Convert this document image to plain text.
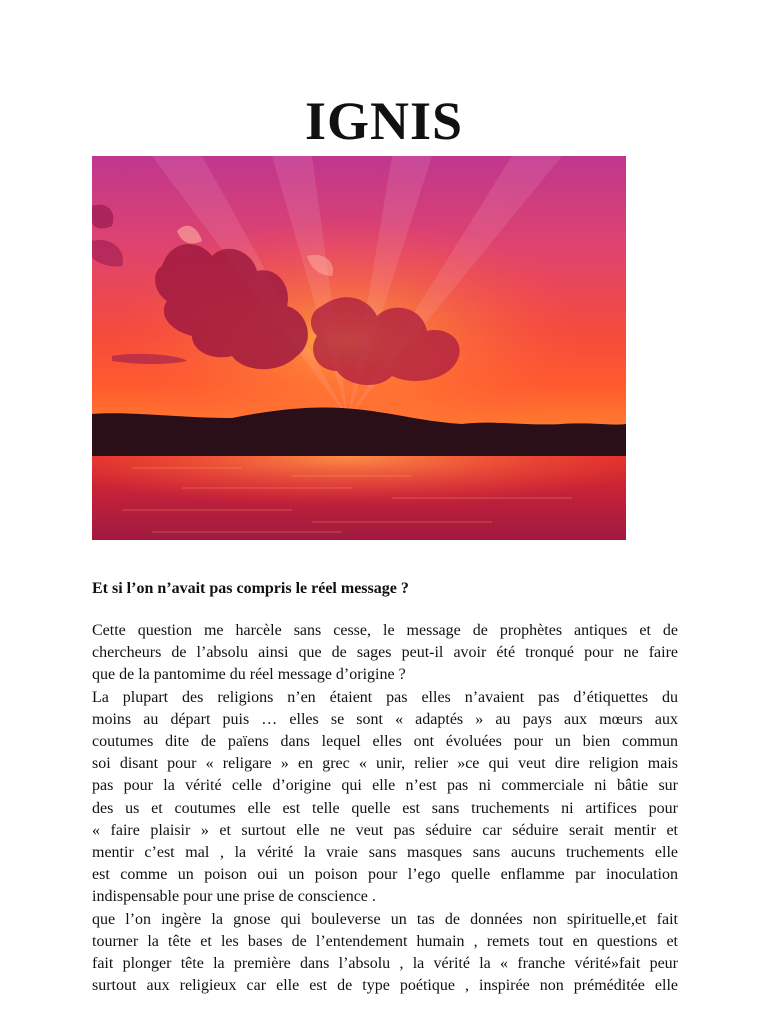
IGNIS

Et si l’on n’avait pas compris le réel message ?

Cette question me harcèle sans cesse, le message de prophètes antiques et de

chercheurs de l’absolu ainsi que de sages peut-il avoir été tronqué pour ne faire

que de la pantomime du réel message d’origine ?

La plupart des religions n’en étaient pas elles n’avaient pas d’étiquettes du

moins au départ puis … elles se sont « adaptés » au pays aux mœurs aux

coutumes dite de païens dans lequel elles ont évoluées pour un bien commun

soi disant pour « religare » en grec « unir, relier »ce qui veut dire religion mais

pas pour la vérité celle d’origine qui elle n’est pas ni commerciale ni bâtie sur

des us et coutumes elle est telle quelle est sans truchements ni artifices pour

« faire plaisir » et surtout elle ne veut pas séduire car séduire serait mentir et

mentir c’est mal , la vérité la vraie sans masques sans aucuns truchements elle

est comme un poison oui un poison pour l’ego quelle enflamme par inoculation

indispensable pour une prise de conscience .

que l’on ingère la gnose qui bouleverse un tas de données non spirituelle,et fait

tourner la tête et les bases de l’entendement humain , remets tout en questions et

fait plonger tête la première dans l’absolu , la vérité la « franche vérité»fait peur

surtout aux religieux car elle est de type poétique , inspirée non préméditée elle
